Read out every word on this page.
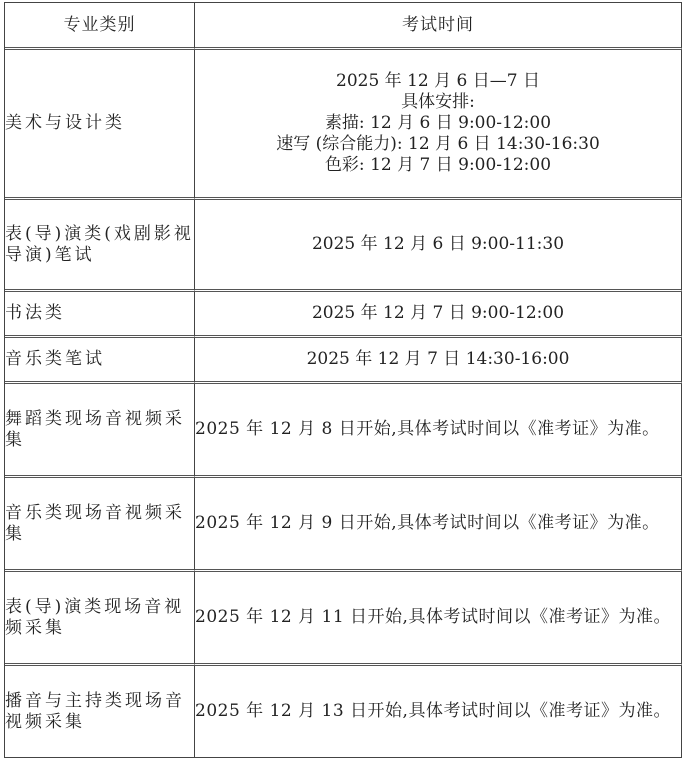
专业类别	考试时间
美术与设计类	2025 年 12 月 6 日—7 日
具体安排:
素描: 12 月 6 日 9:00-12:00
速写 (综合能力): 12 月 6 日 14:30-16:30
色彩: 12 月 7 日 9:00-12:00

表(导)演类(戏剧影视导演)笔试	2025 年 12 月 6 日 9:00-11:30
书法类	2025 年 12 月 7 日 9:00-12:00
音乐类笔试	2025 年 12 月 7 日 14:30-16:00
舞蹈类现场音视频采集	2025 年 12 月 8 日开始,具体考试时间以《准考证》为准。
音乐类现场音视频采集	2025 年 12 月 9 日开始,具体考试时间以《准考证》为准。
表(导)演类现场音视频采集	2025 年 12 月 11 日开始,具体考试时间以《准考证》为准。
播音与主持类现场音视频采集	2025 年 12 月 13 日开始,具体考试时间以《准考证》为准。
